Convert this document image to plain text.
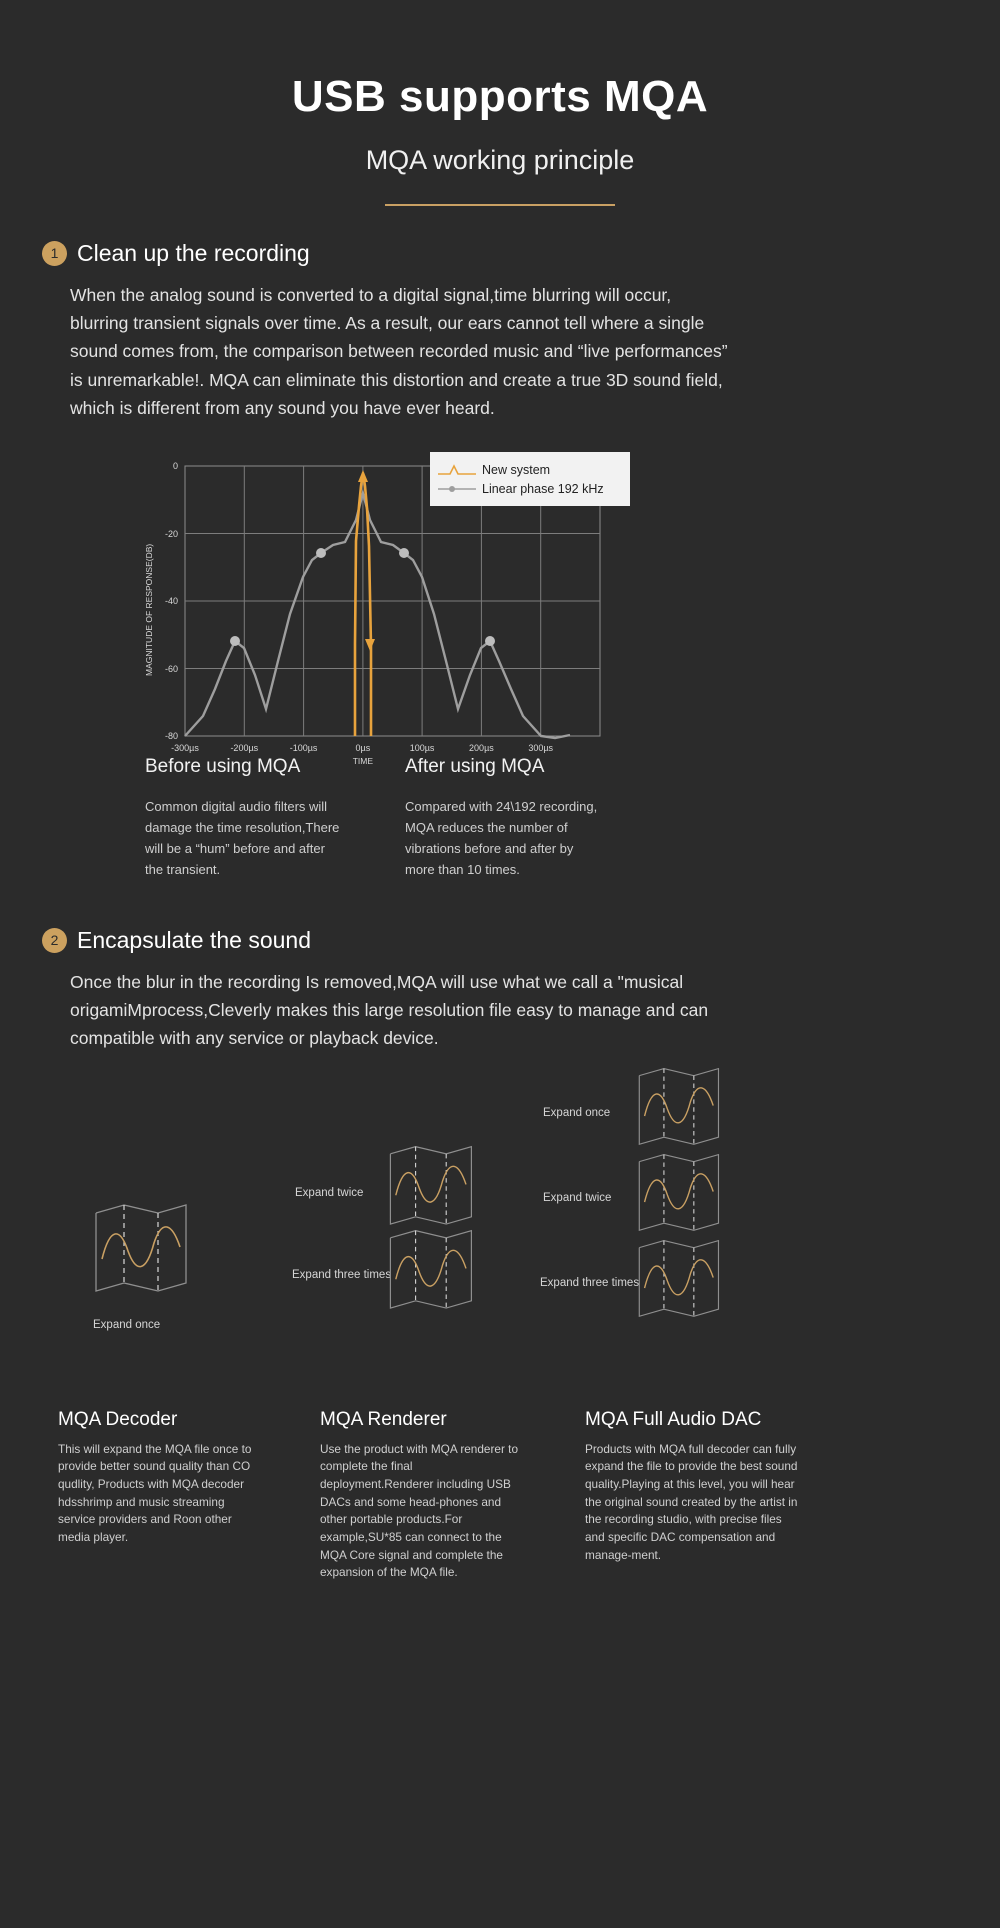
USB supports MQA
MQA working principle
1 Clean up the recording
When the analog sound is converted to a digital signal,time blurring will occur, blurring transient signals over time. As a result, our ears cannot tell where a single sound comes from, the comparison between recorded music and “live performances” is unremarkable!. MQA can eliminate this distortion and create a true 3D sound field, which is different from any sound you have ever heard.
0
-20
-40
-60
-80
-300µs	-200µs	-100µs	0µs	100µs	200µs	300µs
MAGNITUDE OF RESPONSE(DB)
TIME
New system
Linear phase 192 kHz
Before using MQA
Common digital audio filters will damage the time resolution,There will be a “hum” before and after the transient.
After using MQA
Compared with 24\192 recording, MQA reduces the number of vibrations before and after by more than 10 times.
2 Encapsulate the sound
Once the blur in the recording Is removed,MQA will use what we call a "musical origamiMprocess,Cleverly makes this large resolution file easy to manage and can compatible with any service or playback device.
Expand once
Expand twice
Expand three times
Expand once
Expand twice
Expand three times
MQA Decoder
This will expand the MQA file once to provide better sound quality than CO qudlity, Products with MQA decoder hdsshrimp and music streaming service providers and Roon other media player.
MQA Renderer
Use the product with MQA renderer to complete the final deployment.Renderer including USB DACs and some head-phones and other portable products.For example,SU*85 can connect to the MQA Core signal and complete the expansion of the MQA file.
MQA Full Audio DAC
Products with MQA full decoder can fully expand the file to provide the best sound quality.Playing at this level, you will hear the original sound created by the artist in the recording studio, with precise files and specific DAC compensation and manage-ment.
